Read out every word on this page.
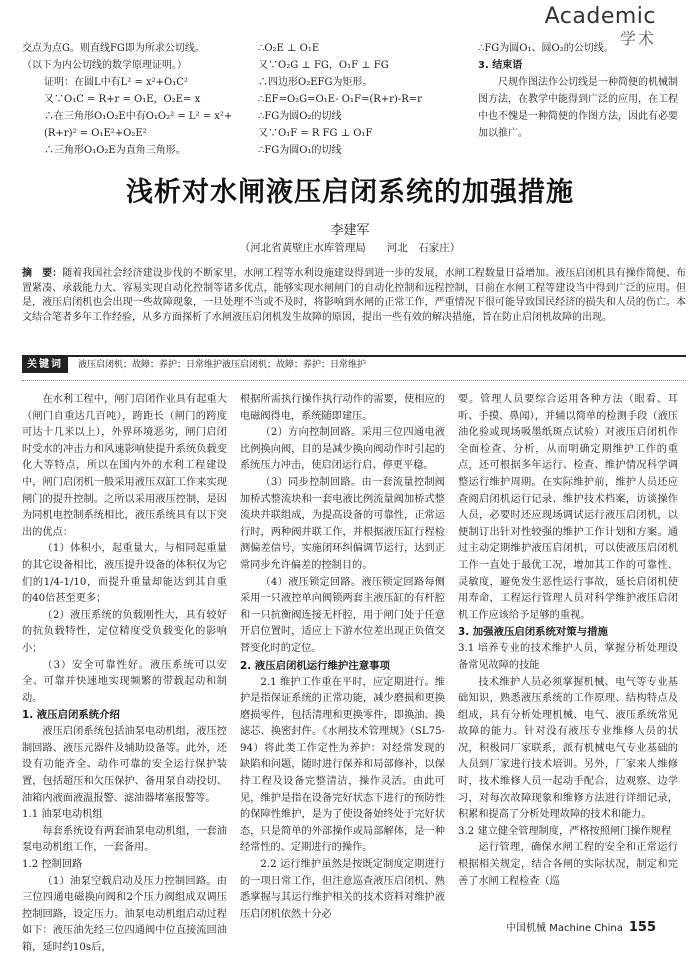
Academic
学术
交点为点G。则直线FG即为所求公切线。
（以下为内公切线的数学原理证明。）
证明：在圆L中有L² = x²+O₁C²
又∵O₁C = R+r = O₁E，O₂E= x
∴在三角形O₁O₂E中有O₁O₂² = L² = x²+(R+r)² = O₁E²+O₂E²
∴三角形O₁O₂E为直角三角形。
∴O₂E ⊥ O₁E
又∵O₂G ⊥ FG，O₁F ⊥ FG
∴四边形O₂EFG为矩形。
∴EF=O₂G=O₁E- O₁F=(R+r)-R=r
∴FG为圆O₂的切线
又∵O₁F = R FG ⊥ O₁F
∴FG为圆O₁的切线
∴FG为圆O₁、圆O₂的公切线。
3. 结束语
尺规作图法作公切线是一种简便的机械制图方法，在教学中能得到广泛的应用，在工程中也不愧是一种简便的作图方法，因此有必要加以推广。
浅析对水闸液压启闭系统的加强措施
李建军
（河北省黄壁庄水库管理局　　河北　石家庄）
摘　要：随着我国社会经济建设步伐的不断家里，水闸工程等水利设施建设得到进一步的发展，水闸工程数量日益增加。液压启闭机具有操作简便、布置紧凑、承载能力大、容易实现自动化控制等诸多优点，能够实现水闸闸门的自动化控制和远程控制，目前在水闸工程等建设当中得到广泛的应用。但是，液压启闭机也会出现一些故障现象，一旦处理不当或不及时，将影响到水闸的正常工作，严重情况下很可能导致国民经济的损失和人员的伤亡。本文结合笔者多年工作经验，从多方面探析了水闸液压启闭机发生故障的原因，提出一些有效的解决措施，旨在防止启闭机故障的出现。
关键词	液压启闭机；故障；养护；日常维护液压启闭机；故障；养护；日常维护

在水利工程中，闸门启闭作业具有起重大（闸门自重达几百吨），跨距长（闸门的跨度可达十几米以上），外界环境恶劣，闸门启闭时受水的冲击力和风速影响使提升系统负载变化大等特点，所以在国内外的水利工程建设中，闸门启闭机一般采用液压双缸工作来实现闸门的提升控制。之所以采用液压控制，是因为同机电控制系统相比，液压系统具有以下突出的优点：

（1）体积小，起重量大，与相同起重量的其它设备相比，液压提升设备的体积仅为它们的1/4-1/10，而提升重量却能达到其自重的40倍甚至更多；

（2）液压系统的负载刚性大，具有较好的抗负载特性，定位精度受负载变化的影响小；

（3）安全可靠性好。液压系统可以安全、可靠并快速地实现频繁的带载起动和制动。

1. 液压启闭系统介绍

液压启闭系统包括油泵电动机组，液压控制回路、液压元器件及辅助设备等。此外，还设有功能齐全、动作可靠的安全运行保护装置，包括超压和欠压保护、备用泵自动投切、油箱内液面液温报警、滤油器堵塞报警等。

1.1 油泵电动机组

每套系统设有两套油泵电动机组，一套油泵电动机组工作，一套备用。

1.2 控制回路

（1）油泵空载启动及压力控制回路。由三位四通电磁换向阀和2个压力阀组成双调压控制回路，设定压力。油泵电动机组启动过程如下：液压油先经三位四通阀中位直接流回油箱，延时约10s后，

根据所需执行操作执行动作的需要，使相应的电磁阀得电，系统随即建压。

（2）方向控制回路。采用三位四通电液比例换向阀，目的是减少换向阀动作时引起的系统压力冲击，使启闭运行启、停更平稳。

（3）同步控制回路。由一套流量控制阀加桥式整流块和一套电液比例流量阀加桥式整流块并联组成，为提高设备的可靠性，正常运行时，两种阀并联工作，并根据液压缸行程检测偏差信号，实施闭环纠偏调节运行，达到正常同步允许偏差的控制目的。

（4）液压锁定回路。液压锁定回路每侧采用一只液控单向阀锁两套主液压缸的有杆腔和一只抗衡阀连接无杆腔，用于闸门处于任意开启位置时，适应上下游水位差出现正负值交替变化时的定位。

2. 液压启闭机运行维护注意事项

2.1 维护工作重在平时，应定期进行。维护是指保证系统的正常功能，减少磨损和更换磨损零件，包括清理和更换零件，即换油、换滤芯、换密封件。《水闸技术管理规》（SL75-94）将此类工作定性为养护：对经常发现的缺陷和问题，随时进行保养和局部修补，以保持工程及设备完整清洁，操作灵活。由此可见，维护是指在设备完好状态下进行的预防性的保障性维护，是为了使设备始终处于完好状态，只是简单的外部操作或局部解体，是一种经常性的、定期进行的操作。

2.2 运行维护虽然是按既定制度定期进行的一项日常工作，但注意巡查液压启闭机、熟悉掌握与其运行维护相关的技术资料对维护液压启闭机依然十分必

要。管理人员要综合运用各种方法（眼看、耳听、手摸、鼻闻），并辅以简单的检测手段（液压油化验或现场吸墨纸斑点试验）对液压启闭机作全面检查、分析，从而明确定期维护工作的重点，还可根据多年运行、检查、维护情况科学调整运行维护周期。在实际维护前，维护人员还应查阅启闭机运行记录、维护技术档案，访谈操作人员，必要时还应现场调试运行液压启闭机，以便制订出针对性较强的维护工作计划和方案。通过主动定期维护液压启闭机，可以使液压启闭机工作一直处于最优工况，增加其工作的可靠性、灵敏度，避免发生恶性运行事故，延长启闭机使用寿命，工程运行管理人员对科学维护液压启闭机工作应该给予足够的重视。

3. 加强液压启闭系统对策与措施

3.1 培养专业的技术维护人员，掌握分析处理设备常见故障的技能

技术维护人员必须掌握机械、电气等专业基础知识，熟悉液压系统的工作原理、结构特点及组成，具有分析处理机械、电气、液压系统常见故障的能力。针对没有液压专业维修人员的状况，积极同厂家联系，派有机械电气专业基础的人员到厂家进行技术培训。另外，厂家来人维修时，技术维修人员一起动手配合，边观察、边学习，对每次故障现象和维修方法进行详细记录，积累和提高了分析处理故障的技术和能力。

3.2 建立健全管理制度，严格按照闸门操作规程

运行管理，确保水闸工程的安全和正常运行根据相关规定，结合各闸的实际状况，制定和完善了水闸工程检查（巡

中国机械 Machine China 155
